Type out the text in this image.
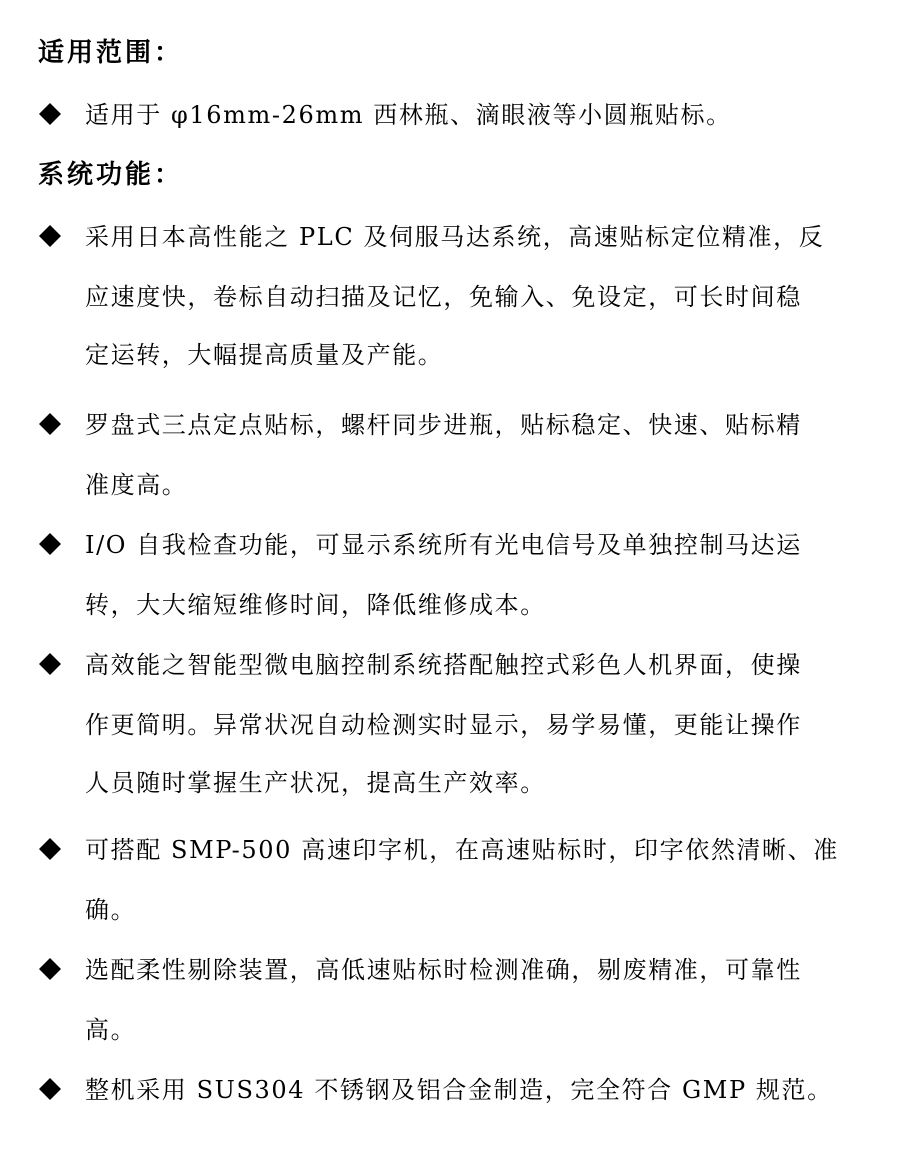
适用范围：
适用于 φ16mm-26mm 西林瓶、滴眼液等小圆瓶贴标。
系统功能：
采用日本高性能之 PLC 及伺服马达系统，高速贴标定位精准，反
应速度快，卷标自动扫描及记忆，免输入、免设定，可长时间稳
定运转，大幅提高质量及产能。
罗盘式三点定点贴标，螺杆同步进瓶，贴标稳定、快速、贴标精
准度高。
I/O 自我检查功能，可显示系统所有光电信号及单独控制马达运
转，大大缩短维修时间，降低维修成本。
高效能之智能型微电脑控制系统搭配触控式彩色人机界面，使操
作更简明。异常状况自动检测实时显示，易学易懂，更能让操作
人员随时掌握生产状况，提高生产效率。
可搭配 SMP-500 高速印字机，在高速贴标时，印字依然清晰、准
确。
选配柔性剔除装置，高低速贴标时检测准确，剔废精准，可靠性
高。
整机采用 SUS304 不锈钢及铝合金制造，完全符合 GMP 规范。
